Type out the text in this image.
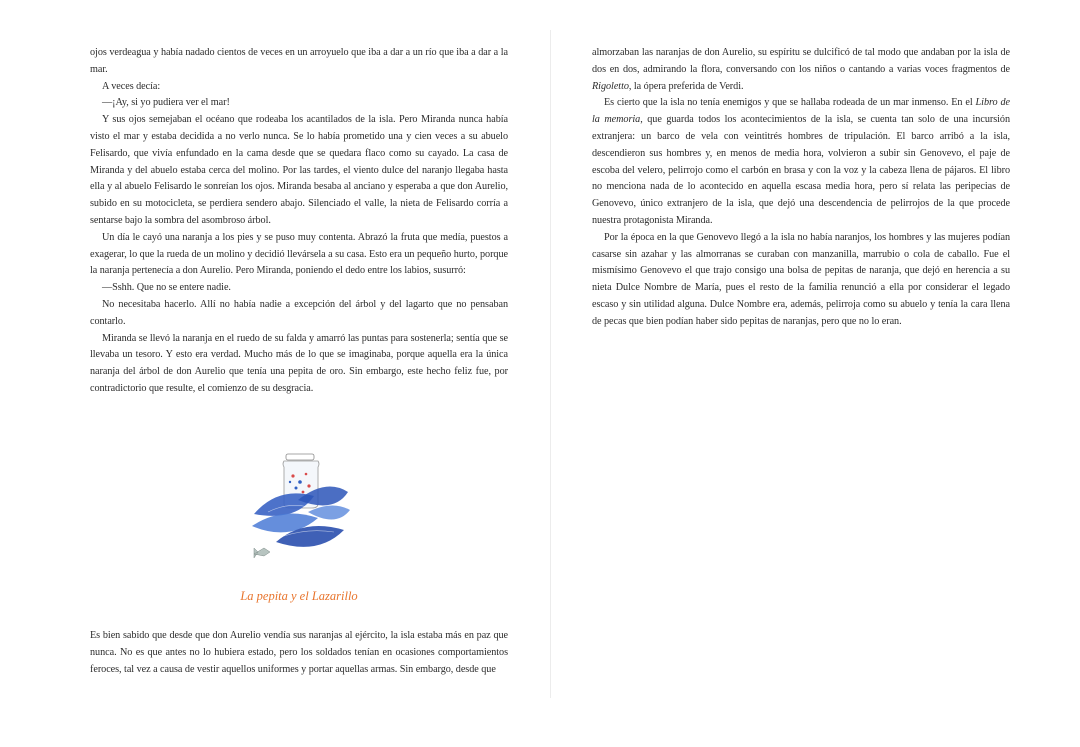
ojos verdeagua y había nadado cientos de veces en un arroyuelo que iba a dar a un río que iba a dar a la mar.

A veces decía:

—¡Ay, si yo pudiera ver el mar!

Y sus ojos semejaban el océano que rodeaba los acantilados de la isla. Pero Miranda nunca había visto el mar y estaba decidida a no verlo nunca. Se lo había prometido una y cien veces a su abuelo Felisardo, que vivía enfundado en la cama desde que se quedara flaco como su cayado. La casa de Miranda y del abuelo estaba cerca del molino. Por las tardes, el viento dulce del naranjo llegaba hasta ella y al abuelo Felisardo le sonreían los ojos. Miranda besaba al anciano y esperaba a que don Aurelio, subido en su motocicleta, se perdiera sendero abajo. Silenciado el valle, la nieta de Felisardo corría a sentarse bajo la sombra del asombroso árbol.

Un día le cayó una naranja a los pies y se puso muy contenta. Abrazó la fruta que medía, puestos a exagerar, lo que la rueda de un molino y decidió llevársela a su casa. Esto era un pequeño hurto, porque la naranja pertenecía a don Aurelio. Pero Miranda, poniendo el dedo entre los labios, susurró:

—Sshh. Que no se entere nadie.

No necesitaba hacerlo. Allí no había nadie a excepción del árbol y del lagarto que no pensaban contarlo.

Miranda se llevó la naranja en el ruedo de su falda y amarró las puntas para sostenerla; sentía que se llevaba un tesoro. Y esto era verdad. Mucho más de lo que se imaginaba, porque aquella era la única naranja del árbol de don Aurelio que tenía una pepita de oro. Sin embargo, este hecho feliz fue, por contradictorio que resulte, el comienzo de su desgracia.

La pepita y el Lazarillo

Es bien sabido que desde que don Aurelio vendía sus naranjas al ejército, la isla estaba más en paz que nunca. No es que antes no lo hubiera estado, pero los soldados tenían en ocasiones comportamientos feroces, tal vez a causa de vestir aquellos uniformes y portar aquellas armas. Sin embargo, desde que

almorzaban las naranjas de don Aurelio, su espíritu se dulcificó de tal modo que andaban por la isla de dos en dos, admirando la flora, conversando con los niños o cantando a varias voces fragmentos de Rigoletto, la ópera preferida de Verdi.

Es cierto que la isla no tenía enemigos y que se hallaba rodeada de un mar inmenso. En el Libro de la memoria, que guarda todos los acontecimientos de la isla, se cuenta tan solo de una incursión extranjera: un barco de vela con veintitrés hombres de tripulación. El barco arribó a la isla, descendieron sus hombres y, en menos de media hora, volvieron a subir sin Genovevo, el paje de escoba del velero, pelirrojo como el carbón en brasa y con la voz y la cabeza llena de pájaros. El libro no menciona nada de lo acontecido en aquella escasa media hora, pero sí relata las peripecias de Genovevo, único extranjero de la isla, que dejó una descendencia de pelirrojos de la que procede nuestra protagonista Miranda.

Por la época en la que Genovevo llegó a la isla no había naranjos, los hombres y las mujeres podían casarse sin azahar y las almorranas se curaban con manzanilla, marrubio o cola de caballo. Fue el mismísimo Genovevo el que trajo consigo una bolsa de pepitas de naranja, que dejó en herencia a su nieta Dulce Nombre de María, pues el resto de la familia renunció a ella por considerar el legado escaso y sin utilidad alguna. Dulce Nombre era, además, pelirroja como su abuelo y tenía la cara llena de pecas que bien podían haber sido pepitas de naranjas, pero que no lo eran.
